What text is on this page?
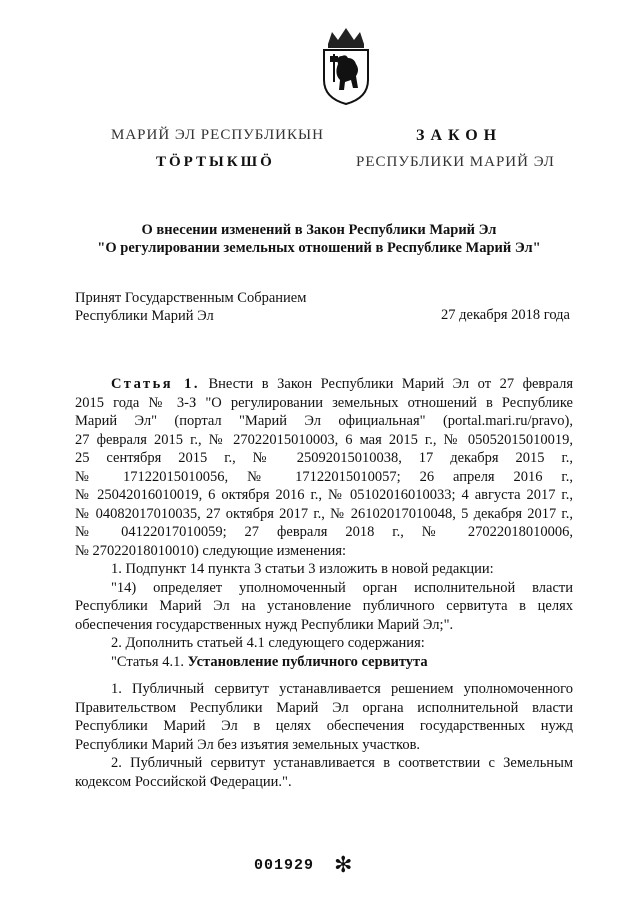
МАРИЙ ЭЛ РЕСПУБЛИКЫН
ТӦРТЫКШӦ
ЗАКОН
РЕСПУБЛИКИ МАРИЙ ЭЛ
О внесении изменений в Закон Республики Марий Эл
"О регулировании земельных отношений в Республике Марий Эл"
Принят Государственным Собранием
Республики Марий Эл	27 декабря 2018 года
Статья 1. Внести в Закон Республики Марий Эл от 27 февраля
2015 года № 3-З "О регулировании земельных отношений в Республике
Марий Эл" (портал "Марий Эл официальная" (portal.mari.ru/pravo),
27 февраля 2015 г., № 27022015010003, 6 мая 2015 г., № 05052015010019,
25 сентября 2015 г., № 25092015010038, 17 декабря 2015 г.,
№ 17122015010056, № 17122015010057; 26 апреля 2016 г.,
№ 25042016010019, 6 октября 2016 г., № 05102016010033; 4 августа 2017 г.,
№ 04082017010035, 27 октября 2017 г., № 26102017010048, 5 декабря 2017 г.,
№ 04122017010059; 27 февраля 2018 г., № 27022018010006,
№ 27022018010010) следующие изменения:
1. Подпункт 14 пункта 3 статьи 3 изложить в новой редакции:
"14) определяет уполномоченный орган исполнительной власти
Республики Марий Эл на установление публичного сервитута в целях
обеспечения государственных нужд Республики Марий Эл;".
2. Дополнить статьей 4.1 следующего содержания:
"Статья 4.1. Установление публичного сервитута
1. Публичный сервитут устанавливается решением уполномоченного
Правительством Республики Марий Эл органа исполнительной власти
Республики Марий Эл в целях обеспечения государственных нужд
Республики Марий Эл без изъятия земельных участков.
2. Публичный сервитут устанавливается в соответствии с Земельным
кодексом Российской Федерации.".
001929 ✻
